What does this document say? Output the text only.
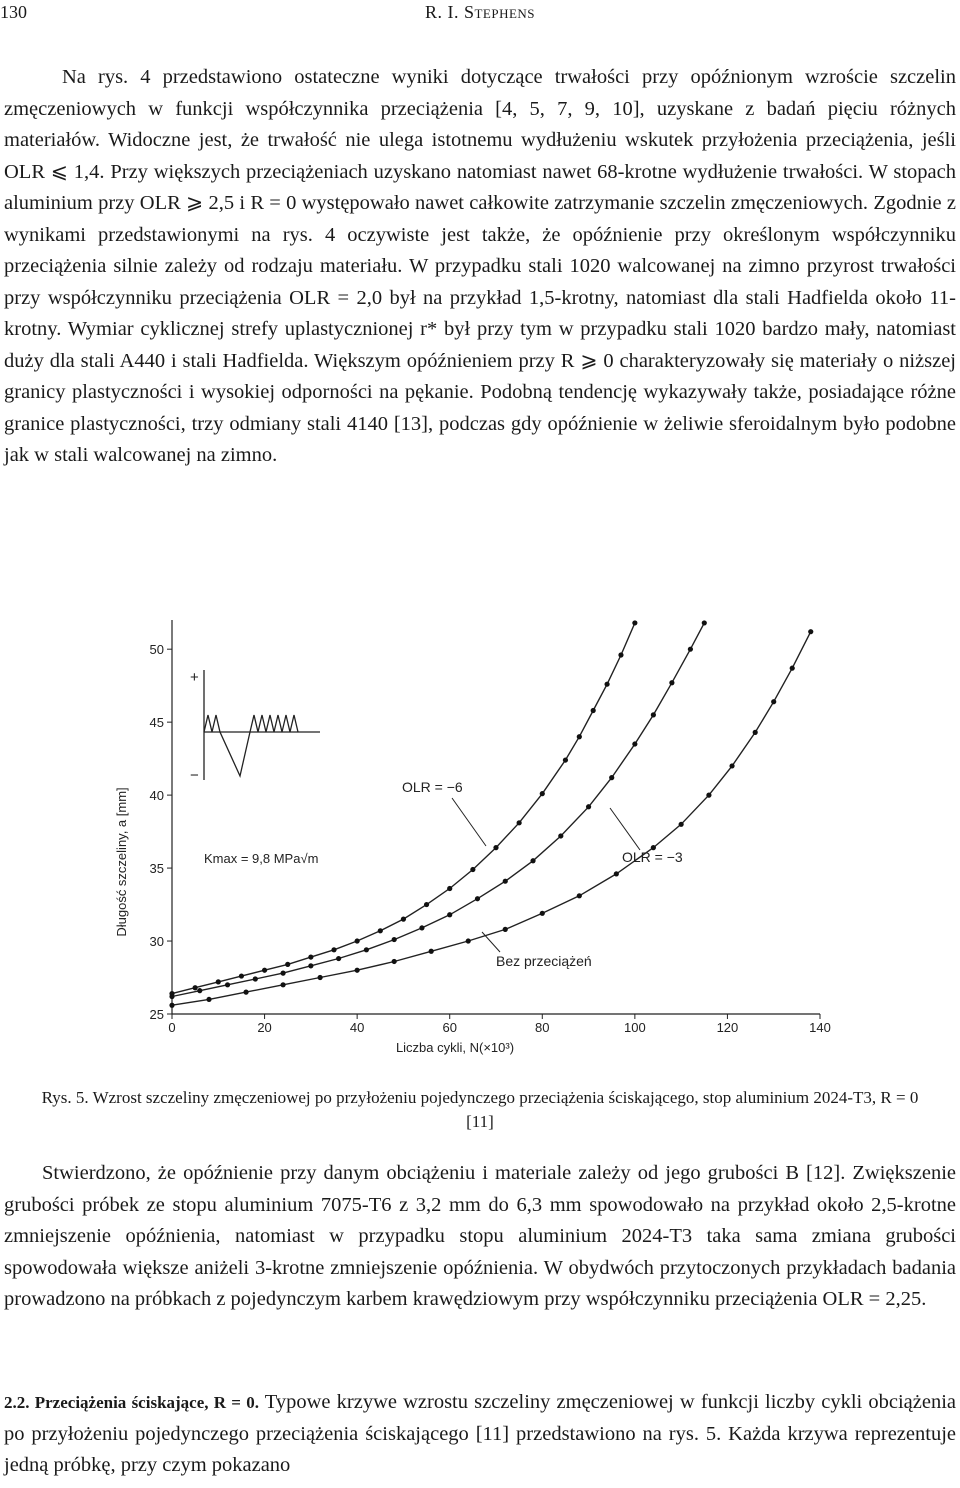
130	R. I. Stephens

Na rys. 4 przedstawiono ostateczne wyniki dotyczące trwałości przy opóźnionym wzroście szczelin zmęczeniowych w funkcji współczynnika przeciążenia [4, 5, 7, 9, 10], uzyskane z badań pięciu różnych materiałów. Widoczne jest, że trwałość nie ulega istotnemu wydłużeniu wskutek przyłożenia przeciążenia, jeśli OLR ⩽ 1,4. Przy większych przeciążeniach uzyskano natomiast nawet 68-krotne wydłużenie trwałości. W stopach aluminium przy OLR ⩾ 2,5 i R = 0 występowało nawet całkowite zatrzymanie szczelin zmęczeniowych. Zgodnie z wynikami przedstawionymi na rys. 4 oczywiste jest także, że opóźnienie przy określonym współczynniku przeciążenia silnie zależy od rodzaju materiału. W przypadku stali 1020 walcowanej na zimno przyrost trwałości przy współczynniku przeciążenia OLR = 2,0 był na przykład 1,5-krotny, natomiast dla stali Hadfielda około 11-krotny. Wymiar cyklicznej strefy uplastycznionej r* był przy tym w przypadku stali 1020 bardzo mały, natomiast duży dla stali A440 i stali Hadfielda. Większym opóźnieniem przy R ⩾ 0 charakteryzowały się materiały o niższej granicy plastyczności i wysokiej odporności na pękanie. Podobną tendencję wykazywały także, posiadające różne granice plastyczności, trzy odmiany stali 4140 [13], podczas gdy opóźnienie w żeliwie sferoidalnym było podobne jak w stali walcowanej na zimno.

0	20	40	60	80	100	120	140
25
30
35
40
45
50
+
−
Kmax = 9,8 MPa√m
OLR = −6
OLR = −3
Bez przeciążeń
Długość szczeliny, a [mm]
Liczba cykli, N(×10³)
Rys. 5. Wzrost szczeliny zmęczeniowej po przyłożeniu pojedynczego przeciążenia ściskającego, stop aluminium 2024-T3, R = 0 [11]

Stwierdzono, że opóźnienie przy danym obciążeniu i materiale zależy od jego grubości B [12]. Zwiększenie grubości próbek ze stopu aluminium 7075-T6 z 3,2 mm do 6,3 mm spowodowało na przykład około 2,5-krotne zmniejszenie opóźnienia, natomiast w przypadku stopu aluminium 2024-T3 taka sama zmiana grubości spowodowała większe aniżeli 3-krotne zmniejszenie opóźnienia. W obydwóch przytoczonych przykładach badania prowadzono na próbkach z pojedynczym karbem krawędziowym przy współczynniku przeciążenia OLR = 2,25.

2.2. Przeciążenia ściskające, R = 0. Typowe krzywe wzrostu szczeliny zmęczeniowej w funkcji liczby cykli obciążenia po przyłożeniu pojedynczego przeciążenia ściskającego [11] przedstawiono na rys. 5. Każda krzywa reprezentuje jedną próbkę, przy czym pokazano
